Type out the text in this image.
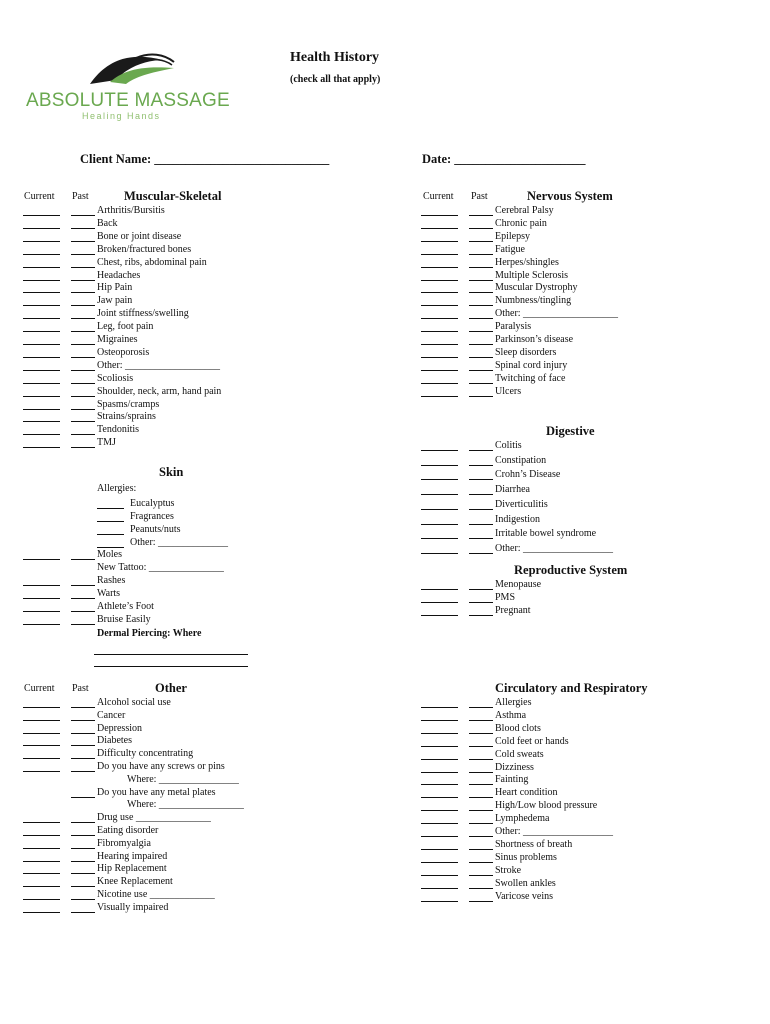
ABSOLUTE MASSAGE
Healing Hands
Health History
(check all that apply)
Client Name: ____________________________	Date: _____________________
Current Past	Muscular-Skeletal	Current Past	Nervous System
Arthritis/Bursitis
Back
Bone or joint disease
Broken/fractured bones
Chest, ribs, abdominal pain
Headaches
Hip Pain
Jaw pain
Joint stiffness/swelling
Leg, foot pain
Migraines
Osteoporosis
Other: ___________________
Scoliosis
Shoulder, neck, arm, hand pain
Spasms/cramps
Strains/sprains
Tendonitis
TMJ
Cerebral Palsy
Chronic pain
Epilepsy
Fatigue
Herpes/shingles
Multiple Sclerosis
Muscular Dystrophy
Numbness/tingling
Other: ___________________
Paralysis
Parkinson’s disease
Sleep disorders
Spinal cord injury
Twitching of face
Ulcers
Digestive
Colitis
Constipation
Crohn’s Disease
Diarrhea
Diverticulitis
Indigestion
Irritable bowel syndrome
Other: __________________
Reproductive System
Menopause
PMS
Pregnant
Skin
Allergies:
Eucalyptus
Fragrances
Peanuts/nuts
Other: ______________
Moles
New Tattoo: _______________
Rashes
Warts
Athlete’s Foot
Bruise Easily
Dermal Piercing: Where
Current Past	Other
Alcohol social use
Cancer
Depression
Diabetes
Difficulty concentrating
Do you have any screws or pins
Where: ________________
Do you have any metal plates
Where: _________________
Drug use _______________
Eating disorder
Fibromyalgia
Hearing impaired
Hip Replacement
Knee Replacement
Nicotine use _____________
Visually impaired
Circulatory and Respiratory
Allergies
Asthma
Blood clots
Cold feet or hands
Cold sweats
Dizziness
Fainting
Heart condition
High/Low blood pressure
Lymphedema
Other: __________________
Shortness of breath
Sinus problems
Stroke
Swollen ankles
Varicose veins
